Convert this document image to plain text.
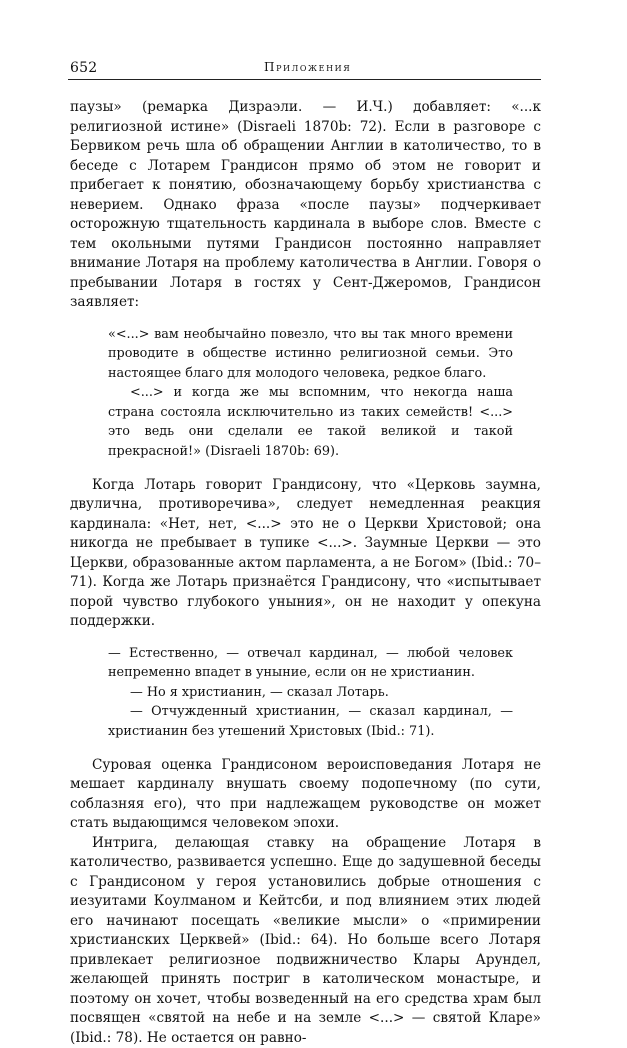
652	Приложения

паузы» (ремарка Дизраэли. — И.Ч.) добавляет: «...к религиозной истине» (Disraeli 1870b: 72). Если в разговоре с Бервиком речь шла об обращении Англии в католичество, то в беседе с Лотарем Грандисон прямо об этом не говорит и прибегает к понятию, обозначающему борьбу христианства с неверием. Однако фраза «после паузы» подчеркивает осторожную тщательность кардинала в выборе слов. Вместе с тем окольными путями Грандисон постоянно направляет внимание Лотаря на проблему католичества в Англии. Говоря о пребывании Лотаря в гостях у Сент-Джеромов, Грандисон заявляет:

«<...> вам необычайно повезло, что вы так много времени проводите в обществе истинно религиозной семьи. Это настоящее благо для молодого человека, редкое благо.

<...> и когда же мы вспомним, что некогда наша страна состояла исключительно из таких семейств! <...> это ведь они сделали ее такой великой и такой прекрасной!» (Disraeli 1870b: 69).

Когда Лотарь говорит Грандисону, что «Церковь заумна, двулична, противоречива», следует немедленная реакция кардинала: «Нет, нет, <...> это не о Церкви Христовой; она никогда не пребывает в тупике <...>. Заумные Церкви — это Церкви, образованные актом парламента, а не Богом» (Ibid.: 70–71). Когда же Лотарь признаётся Грандисону, что «испытывает порой чувство глубокого уныния», он не находит у опекуна поддержки.

— Естественно, — отвечал кардинал, — любой человек непременно впадет в уныние, если он не христианин.

— Но я христианин, — сказал Лотарь.

— Отчужденный христианин, — сказал кардинал, — христианин без утешений Христовых (Ibid.: 71).

Суровая оценка Грандисоном вероисповедания Лотаря не мешает кардиналу внушать своему подопечному (по сути, соблазняя его), что при надлежащем руководстве он может стать выдающимся человеком эпохи.

Интрига, делающая ставку на обращение Лотаря в католичество, развивается успешно. Еще до задушевной беседы с Грандисоном у героя установились добрые отношения с иезуитами Коулманом и Кейтсби, и под влиянием этих людей его начинают посещать «великие мысли» о «примирении христианских Церквей» (Ibid.: 64). Но больше всего Лотаря привлекает религиозное подвижничество Клары Арундел, желающей принять постриг в католическом монастыре, и поэтому он хочет, чтобы возведенный на его средства храм был посвящен «святой на небе и на земле <...> — святой Кларе» (Ibid.: 78). Не остается он равно-
